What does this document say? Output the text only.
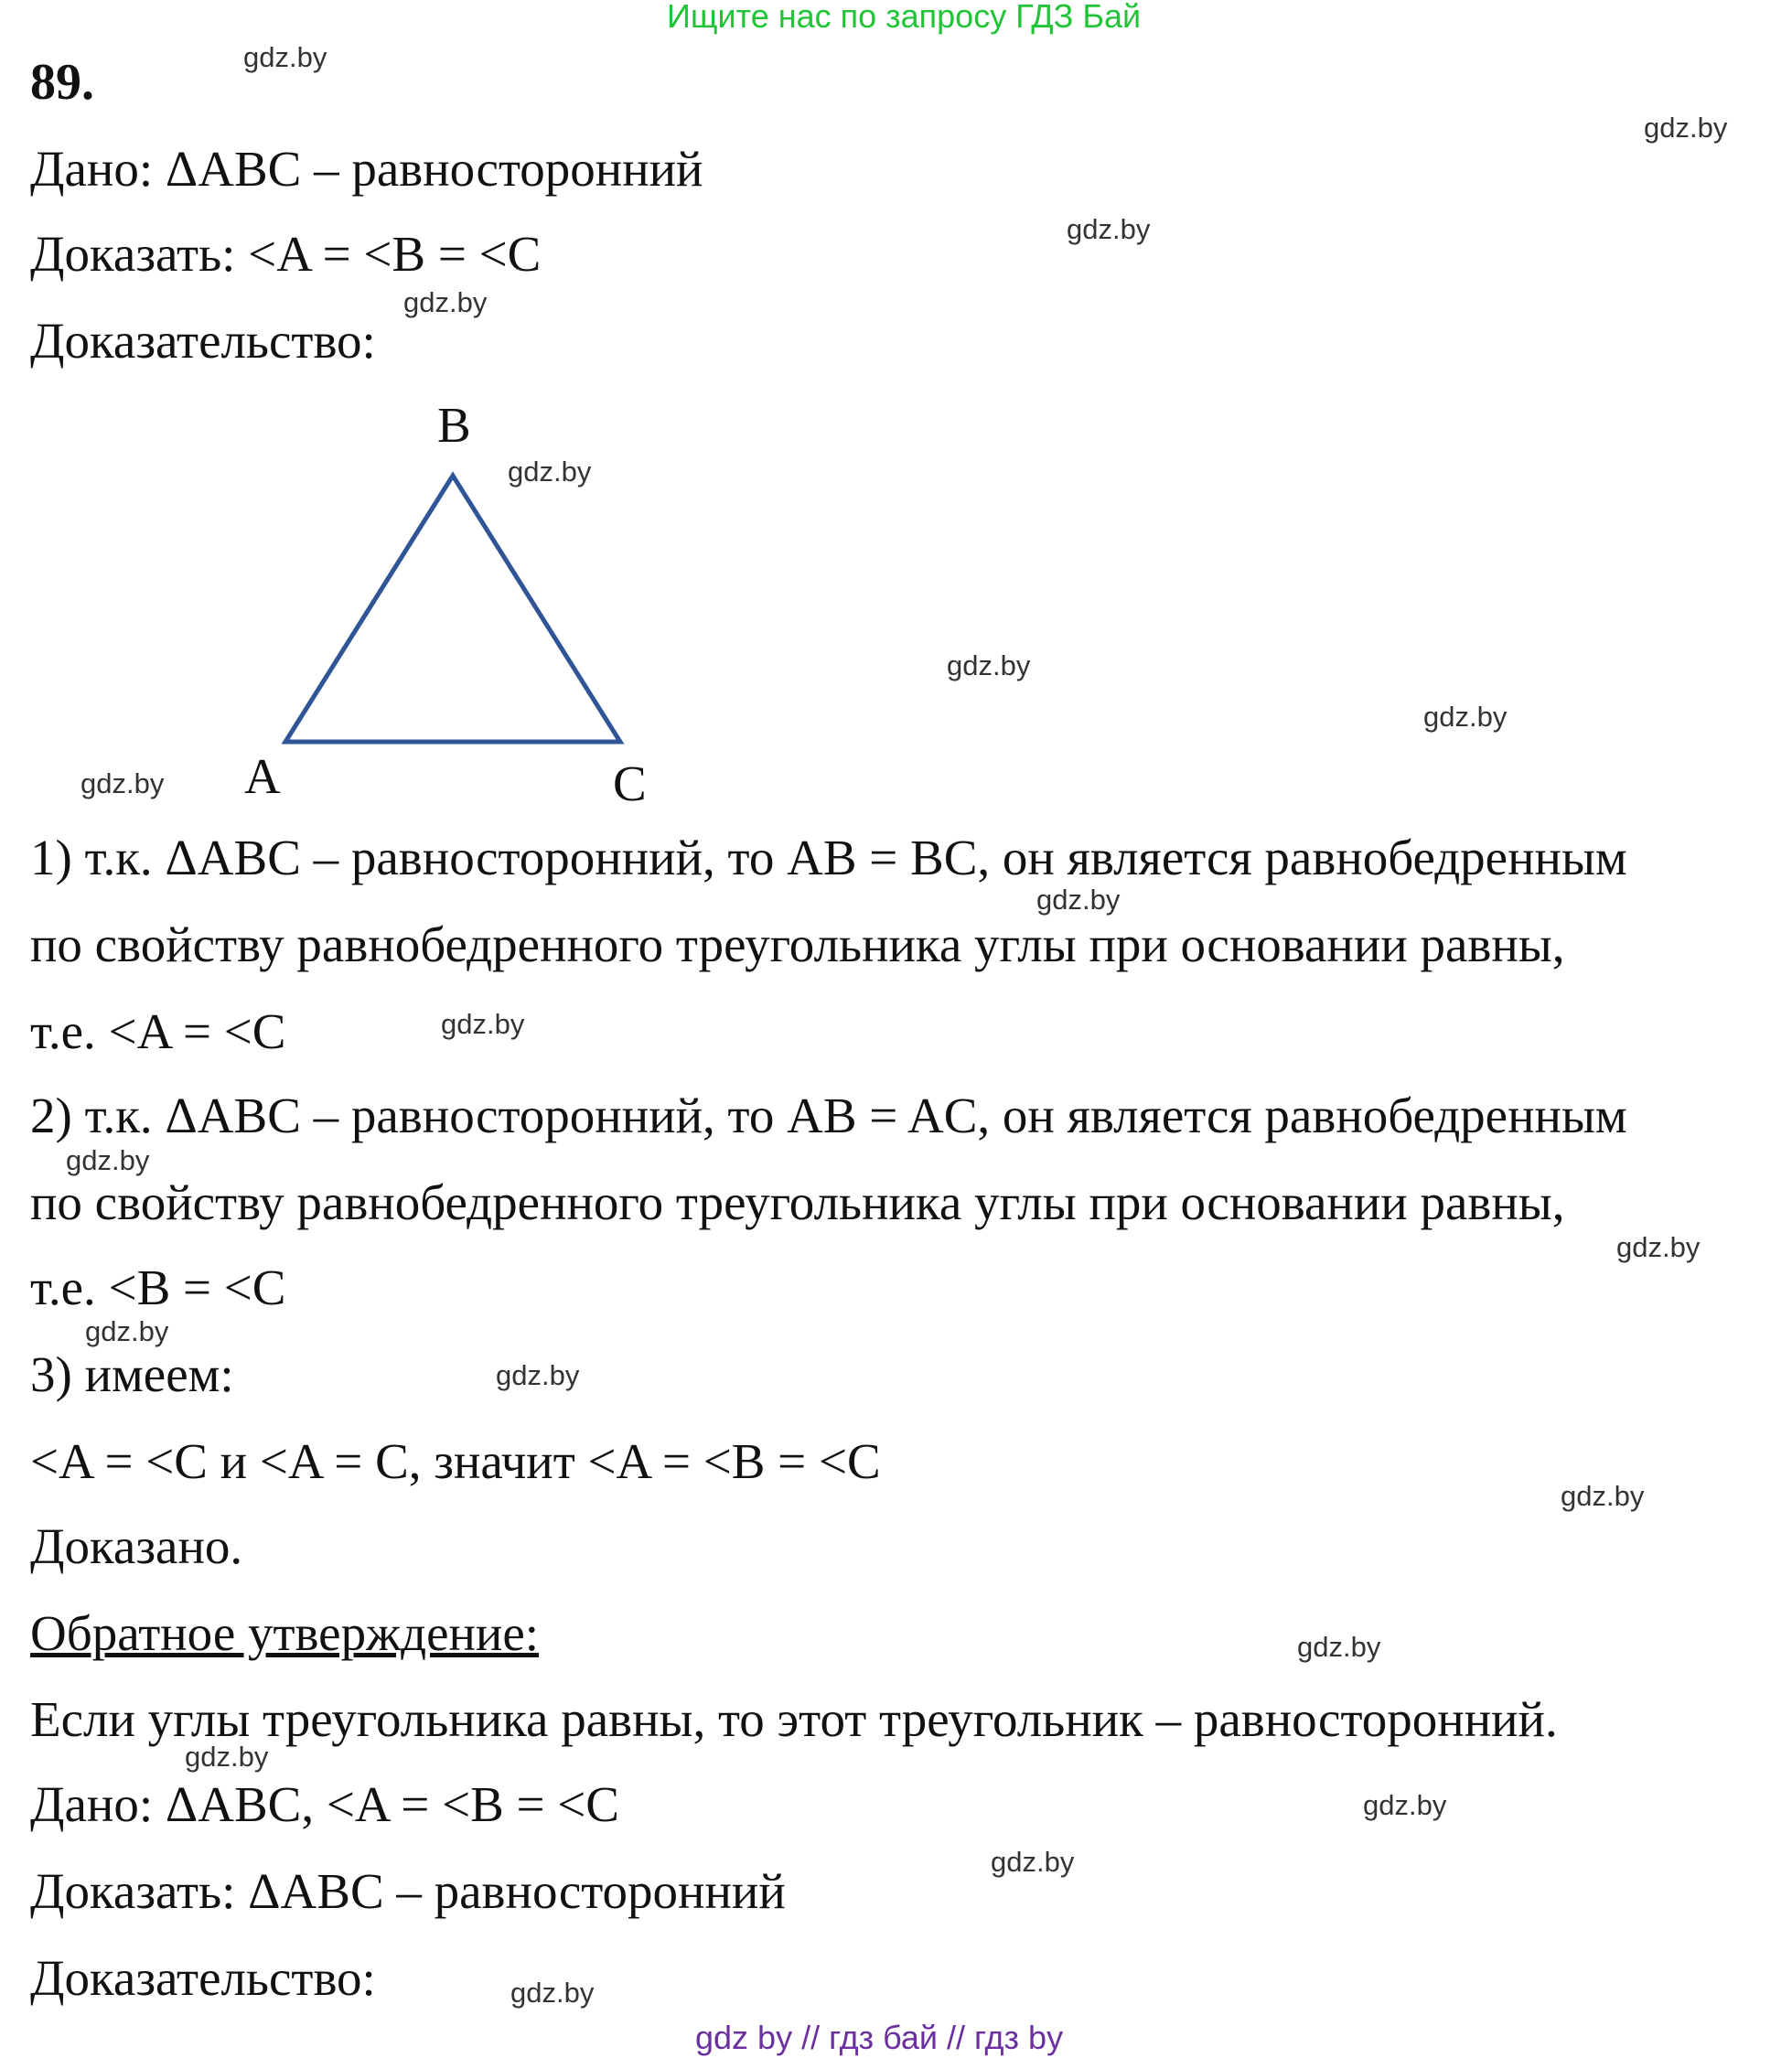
Ищите нас по запросу ГДЗ Бай
89.
Дано: ΔABC – равносторонний
Доказать: <A = <B = <C
Доказательство:
A
B
C
1) т.к. ΔABC – равносторонний, то AB = BC, он является равнобедренным
по свойству равнобедренного треугольника углы при основании равны,
т.е. <A = <C
2) т.к. ΔABC – равносторонний, то AB = AC, он является равнобедренным
по свойству равнобедренного треугольника углы при основании равны,
т.е. <B = <C
3) имеем:
<A = <C и <A = C, значит <A = <B = <C
Доказано.
Обратное утверждение:
Если углы треугольника равны, то этот треугольник – равносторонний.
Дано: ΔABC, <A = <B = <C
Доказать: ΔABC – равносторонний
Доказательство:
gdz.by
gdz.by
gdz.by
gdz.by
gdz.by
gdz.by
gdz.by
gdz.by
gdz.by
gdz.by
gdz.by
gdz.by
gdz.by
gdz.by
gdz.by
gdz.by
gdz.by
gdz.by
gdz.by
gdz.by
gdz by // гдз бай // гдз by
